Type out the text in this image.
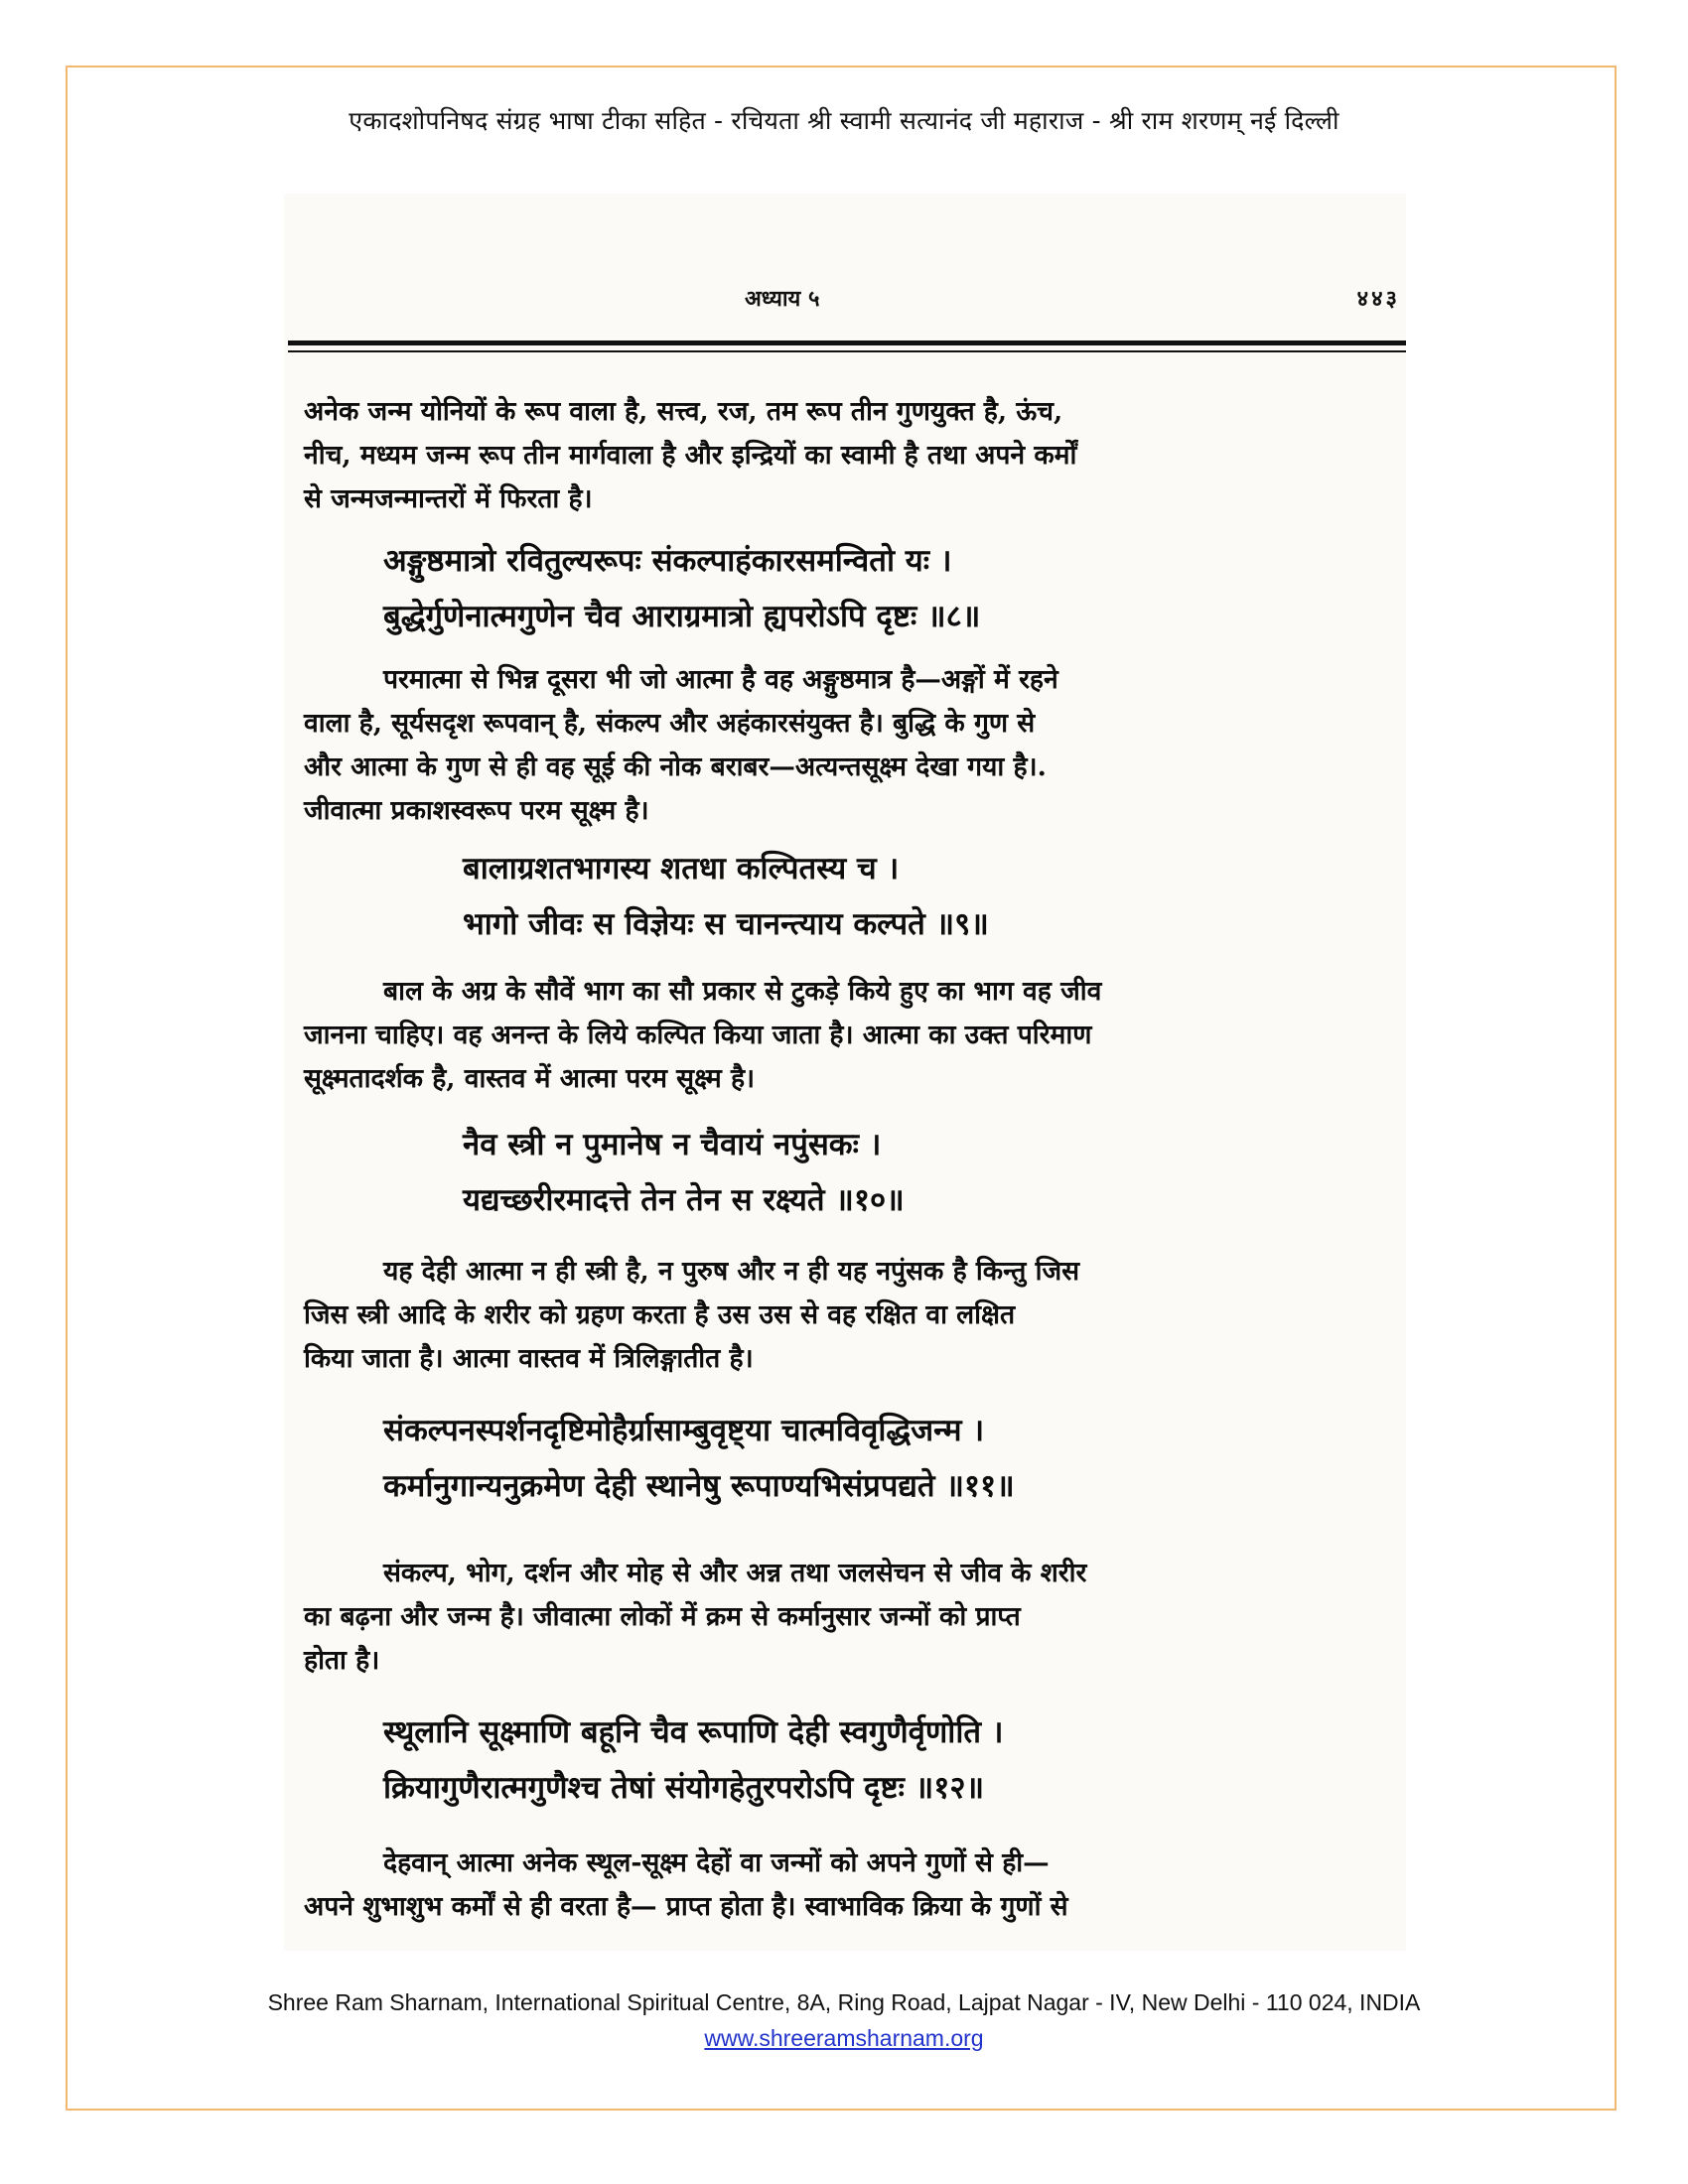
एकादशोपनिषद संग्रह भाषा टीका सहित - रचियता श्री स्वामी सत्यानंद जी महाराज - श्री राम शरणम् नई दिल्ली
अध्याय ५	४४३
अनेक जन्म योनियों के रूप वाला है, सत्त्व, रज, तम रूप तीन गुणयुक्त है, ऊंच,
नीच, मध्यम जन्म रूप तीन मार्गवाला है और इन्द्रियों का स्वामी है तथा अपने कर्मों
से जन्मजन्मान्तरों में फिरता है।
अङ्गुष्ठमात्रो रवितुल्यरूपः संकल्पाहंकारसमन्वितो यः ।
बुद्धेर्गुणेनात्मगुणेन चैव आराग्रमात्रो ह्यपरोऽपि दृष्टः ॥८॥
परमात्मा से भिन्न दूसरा भी जो आत्मा है वह अङ्गुष्ठमात्र है—अङ्गों में रहने
वाला है, सूर्यसदृश रूपवान् है, संकल्प और अहंकारसंयुक्त है। बुद्धि के गुण से
और आत्मा के गुण से ही वह सूई की नोक बराबर—अत्यन्तसूक्ष्म देखा गया है।.
जीवात्मा प्रकाशस्वरूप परम सूक्ष्म है।
बालाग्रशतभागस्य शतधा कल्पितस्य च ।
भागो जीवः स विज्ञेयः स चानन्त्याय कल्पते ॥९॥
बाल के अग्र के सौवें भाग का सौ प्रकार से टुकड़े किये हुए का भाग वह जीव
जानना चाहिए। वह अनन्त के लिये कल्पित किया जाता है। आत्मा का उक्त परिमाण
सूक्ष्मतादर्शक है, वास्तव में आत्मा परम सूक्ष्म है।
नैव स्त्री न पुमानेष न चैवायं नपुंसकः ।
यद्यच्छरीरमादत्ते तेन तेन स रक्ष्यते ॥१०॥
यह देही आत्मा न ही स्त्री है, न पुरुष और न ही यह नपुंसक है किन्तु जिस
जिस स्त्री आदि के शरीर को ग्रहण करता है उस उस से वह रक्षित वा लक्षित
किया जाता है। आत्मा वास्तव में त्रिलिङ्गातीत है।
संकल्पनस्पर्शनदृष्टिमोहैर्ग्रासाम्बुवृष्ट्या चात्मविवृद्धिजन्म ।
कर्मानुगान्यनुक्रमेण देही स्थानेषु रूपाण्यभिसंप्रपद्यते ॥११॥
संकल्प, भोग, दर्शन और मोह से और अन्न तथा जलसेचन से जीव के शरीर
का बढ़ना और जन्म है। जीवात्मा लोकों में क्रम से कर्मानुसार जन्मों को प्राप्त
होता है।
स्थूलानि सूक्ष्माणि बहूनि चैव रूपाणि देही स्वगुणैर्वृणोति ।
क्रियागुणैरात्मगुणैश्च तेषां संयोगहेतुरपरोऽपि दृष्टः ॥१२॥
देहवान् आत्मा अनेक स्थूल-सूक्ष्म देहों वा जन्मों को अपने गुणों से ही—
अपने शुभाशुभ कर्मों से ही वरता है— प्राप्त होता है। स्वाभाविक क्रिया के गुणों से
Shree Ram Sharnam, International Spiritual Centre, 8A, Ring Road, Lajpat Nagar - IV, New Delhi - 110 024, INDIA
www.shreeramsharnam.org
